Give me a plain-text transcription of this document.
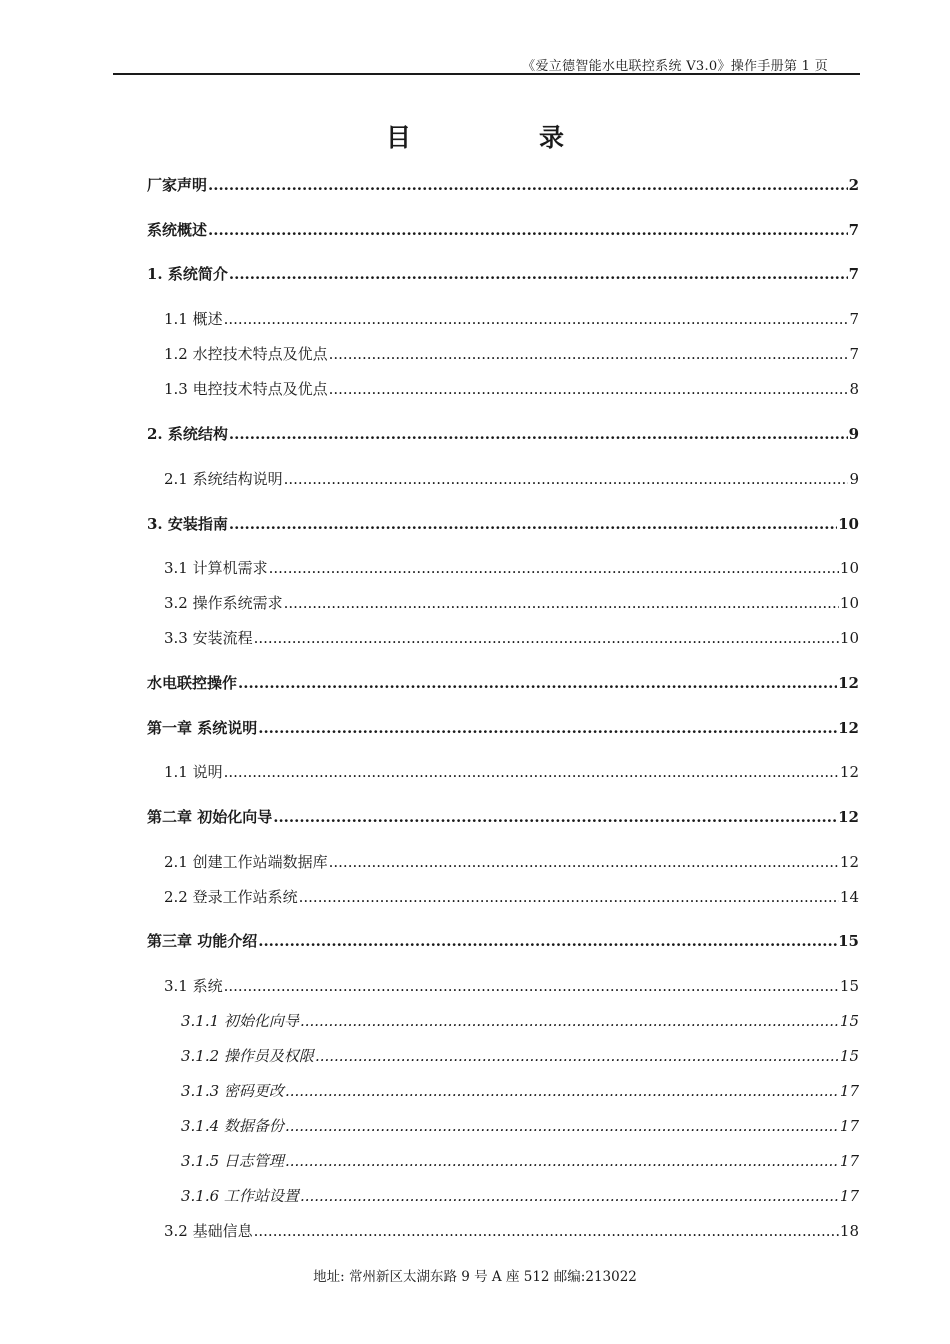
《爱立德智能水电联控系统 V3.0》操作手册第 1 页
目	录
厂家声明 .....	2
系统概述 .....	7
1. 系统简介 .....	7
1.1 概述 .....	7
1.2 水控技术特点及优点 .....	7
1.3 电控技术特点及优点 .....	8
2. 系统结构 .....	9
2.1 系统结构说明 .....	9
3. 安装指南 .....	10
3.1 计算机需求 .....	10
3.2 操作系统需求 .....	10
3.3 安装流程 .....	10
水电联控操作 .....	12
第一章 系统说明 .....	12
1.1 说明 .....	12
第二章 初始化向导 .....	12
2.1 创建工作站端数据库 .....	12
2.2 登录工作站系统 .....	14
第三章 功能介绍 .....	15
3.1 系统 .....	15
3.1.1 初始化向导 .....	15
3.1.2 操作员及权限 .....	15
3.1.3 密码更改 .....	17
3.1.4 数据备份 .....	17
3.1.5 日志管理 .....	17
3.1.6 工作站设置 .....	17
3.2 基础信息 .....	18
地址: 常州新区太湖东路 9 号 A 座 512 邮编:213022
